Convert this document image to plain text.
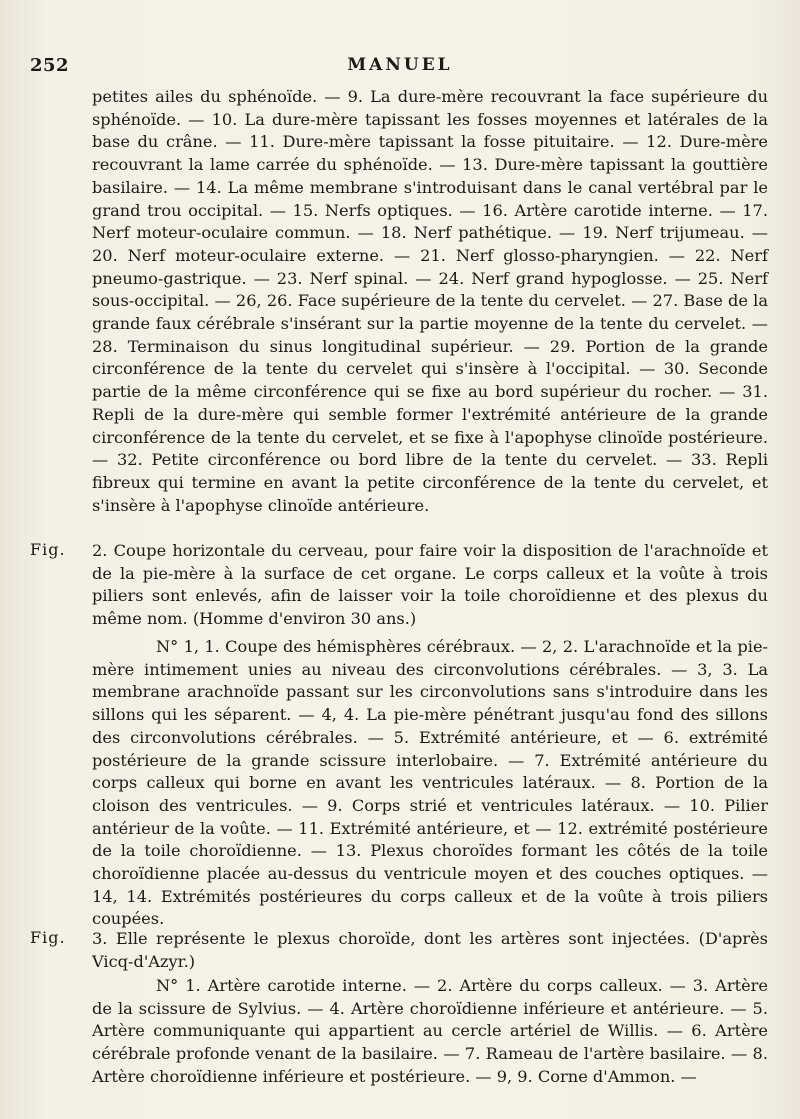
252	MANUEL

petites ailes du sphénoïde. — 9. La dure-mère recouvrant la face supérieure du sphénoïde. — 10. La dure-mère tapissant les fosses moyennes et latérales de la base du crâne. — 11. Dure-mère tapissant la fosse pituitaire. — 12. Dure-mère recouvrant la lame carrée du sphénoïde. — 13. Dure-mère tapissant la gouttière basilaire. — 14. La même membrane s'introduisant dans le canal vertébral par le grand trou occipital. — 15. Nerfs optiques. — 16. Artère carotide interne. — 17. Nerf moteur-oculaire commun. — 18. Nerf pathétique. — 19. Nerf trijumeau. — 20. Nerf moteur-oculaire externe. — 21. Nerf glosso-pharyngien. — 22. Nerf pneumo-gastrique. — 23. Nerf spinal. — 24. Nerf grand hypoglosse. — 25. Nerf sous-occipital. — 26, 26. Face supérieure de la tente du cervelet. — 27. Base de la grande faux cérébrale s'insérant sur la partie moyenne de la tente du cervelet. — 28. Terminaison du sinus longitudinal supérieur. — 29. Portion de la grande circonférence de la tente du cervelet qui s'insère à l'occipital. — 30. Seconde partie de la même circonférence qui se fixe au bord supérieur du rocher. — 31. Repli de la dure-mère qui semble former l'extrémité antérieure de la grande circonférence de la tente du cervelet, et se fixe à l'apophyse clinoïde postérieure. — 32. Petite circonférence ou bord libre de la tente du cervelet. — 33. Repli fibreux qui termine en avant la petite circonférence de la tente du cervelet, et s'insère à l'apophyse clinoïde antérieure.

Fig. 2. Coupe horizontale du cerveau, pour faire voir la disposition de l'arachnoïde et de la pie-mère à la surface de cet organe. Le corps calleux et la voûte à trois piliers sont enlevés, afin de laisser voir la toile choroïdienne et des plexus du même nom. (Homme d'environ 30 ans.)

N° 1, 1. Coupe des hémisphères cérébraux. — 2, 2. L'arachnoïde et la pie-mère intimement unies au niveau des circonvolutions cérébrales. — 3, 3. La membrane arachnoïde passant sur les circonvolutions sans s'introduire dans les sillons qui les séparent. — 4, 4. La pie-mère pénétrant jusqu'au fond des sillons des circonvolutions cérébrales. — 5. Extrémité antérieure, et — 6. extrémité postérieure de la grande scissure interlobaire. — 7. Extrémité antérieure du corps calleux qui borne en avant les ventricules latéraux. — 8. Portion de la cloison des ventricules. — 9. Corps strié et ventricules latéraux. — 10. Pilier antérieur de la voûte. — 11. Extrémité antérieure, et — 12. extrémité postérieure de la toile choroïdienne. — 13. Plexus choroïdes formant les côtés de la toile choroïdienne placée au-dessus du ventricule moyen et des couches optiques. — 14, 14. Extrémités postérieures du corps calleux et de la voûte à trois piliers coupées.

Fig. 3. Elle représente le plexus choroïde, dont les artères sont injectées. (D'après Vicq-d'Azyr.)

N° 1. Artère carotide interne. — 2. Artère du corps calleux. — 3. Artère de la scissure de Sylvius. — 4. Artère choroïdienne inférieure et antérieure. — 5. Artère communiquante qui appartient au cercle artériel de Willis. — 6. Artère cérébrale profonde venant de la basilaire. — 7. Rameau de l'artère basilaire. — 8. Artère choroïdienne inférieure et postérieure. — 9, 9. Corne d'Ammon. —
